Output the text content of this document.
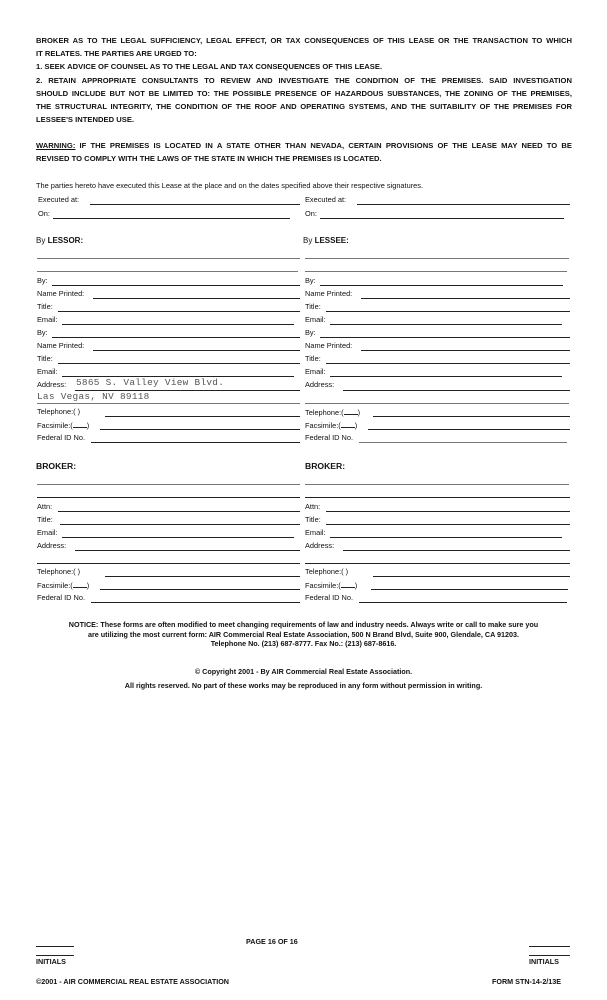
BROKER AS TO THE LEGAL SUFFICIENCY, LEGAL EFFECT, OR TAX CONSEQUENCES OF THIS LEASE OR THE TRANSACTION TO WHICH
IT RELATES. THE PARTIES ARE URGED TO:
1. SEEK ADVICE OF COUNSEL AS TO THE LEGAL AND TAX CONSEQUENCES OF THIS LEASE.
2. RETAIN APPROPRIATE CONSULTANTS TO REVIEW AND INVESTIGATE THE CONDITION OF THE PREMISES. SAID INVESTIGATION
SHOULD INCLUDE BUT NOT BE LIMITED TO: THE POSSIBLE PRESENCE OF HAZARDOUS SUBSTANCES, THE ZONING OF THE PREMISES,
THE STRUCTURAL INTEGRITY, THE CONDITION OF THE ROOF AND OPERATING SYSTEMS, AND THE SUITABILITY OF THE PREMISES FOR
LESSEE'S INTENDED USE.
WARNING: IF THE PREMISES IS LOCATED IN A STATE OTHER THAN NEVADA, CERTAIN PROVISIONS OF THE LEASE MAY NEED TO BE
REVISED TO COMPLY WITH THE LAWS OF THE STATE IN WHICH THE PREMISES IS LOCATED.
The parties hereto have executed this Lease at the place and on the dates specified above their respective signatures.
Executed at:
On:
Executed at:
On:
By LESSOR:
By:
Name Printed:
Title:
Email:
By:
Name Printed:
Title:
Email:
Address: 5865 S. Valley View Blvd.
Las Vegas, NV 89118
Telephone:( )
Facsimile:( )
Federal ID No.
By LESSEE:
By:
Name Printed:
Title:
Email:
By:
Name Printed:
Title:
Email:
Address:
Telephone:( )
Facsimile:( )
Federal ID No.
BROKER:
Attn:
Title:
Email:
Address:
Telephone:( )
Facsimile:( )
Federal ID No.
BROKER:
Attn:
Title:
Email:
Address:
Telephone:( )
Facsimile:( )
Federal ID No.
NOTICE: These forms are often modified to meet changing requirements of law and industry needs. Always write or call to make sure you
are utilizing the most current form: AIR Commercial Real Estate Association, 500 N Brand Blvd, Suite 900, Glendale, CA 91203.
Telephone No. (213) 687-8777. Fax No.: (213) 687-8616.
© Copyright 2001 - By AIR Commercial Real Estate Association.
All rights reserved. No part of these works may be reproduced in any form without permission in writing.
INITIALS
PAGE 16 OF 16
INITIALS
©2001 - AIR COMMERCIAL REAL ESTATE ASSOCIATION	FORM STN-14-2/13E
